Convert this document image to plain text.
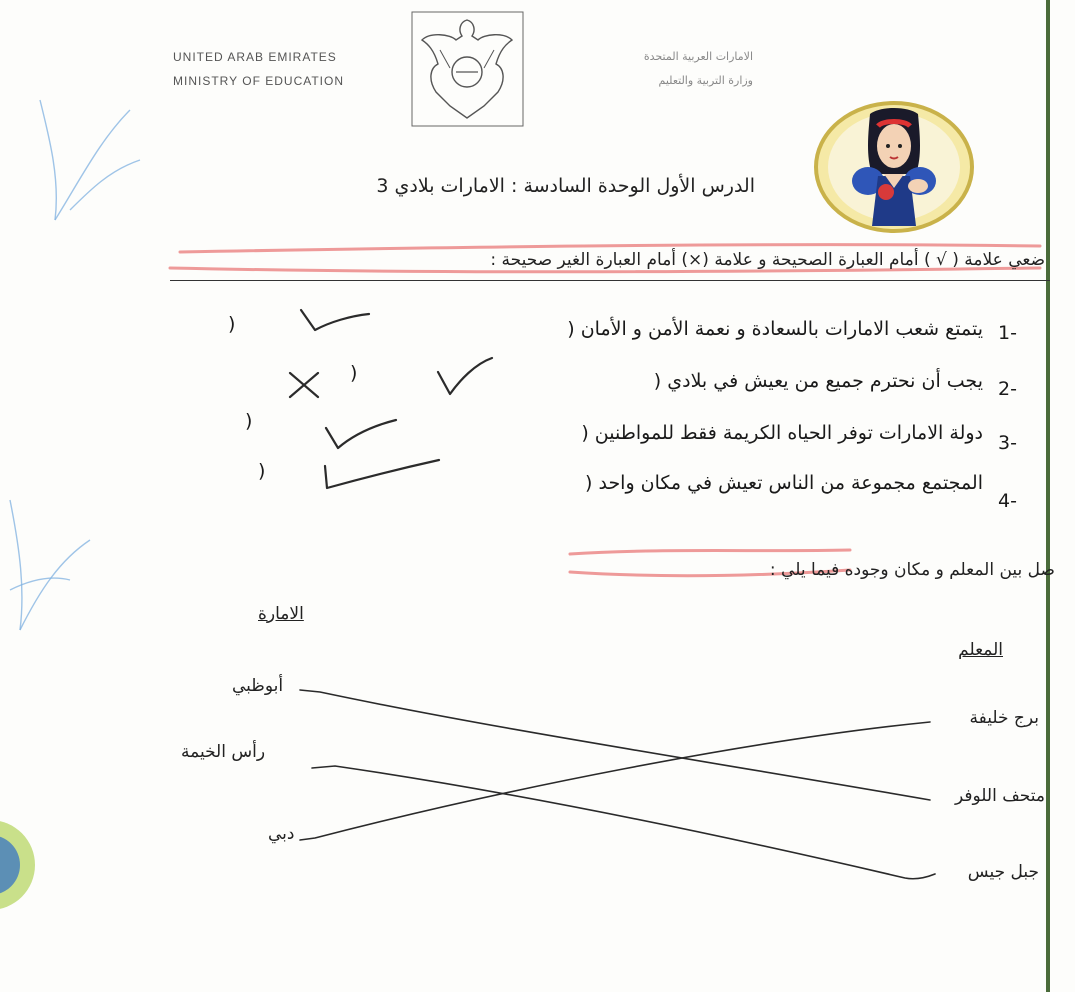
UNITED ARAB EMIRATES
MINISTRY OF EDUCATION
الامارات العربية المتحدة
وزارة التربية والتعليم
الدرس الأول الوحدة السادسة : الامارات بلادي 3
ضعي علامة ( √ ) أمام العبارة الصحيحة و علامة (×) أمام العبارة الغير صحيحة :
1-
يتمتع شعب الامارات بالسعادة و نعمة الأمن و الأمان (
)
2-
يجب أن نحترم جميع من يعيش في بلادي (
)
3-
دولة الامارات توفر الحياه الكريمة فقط للمواطنين (
)
4-
المجتمع مجموعة من الناس تعيش في مكان واحد (
)
صل بين المعلم و مكان وجوده فيما يلي :
الامارة
المعلم
أبوظبي
رأس الخيمة
دبي
برج خليفة
متحف اللوفر
جبل جيس
